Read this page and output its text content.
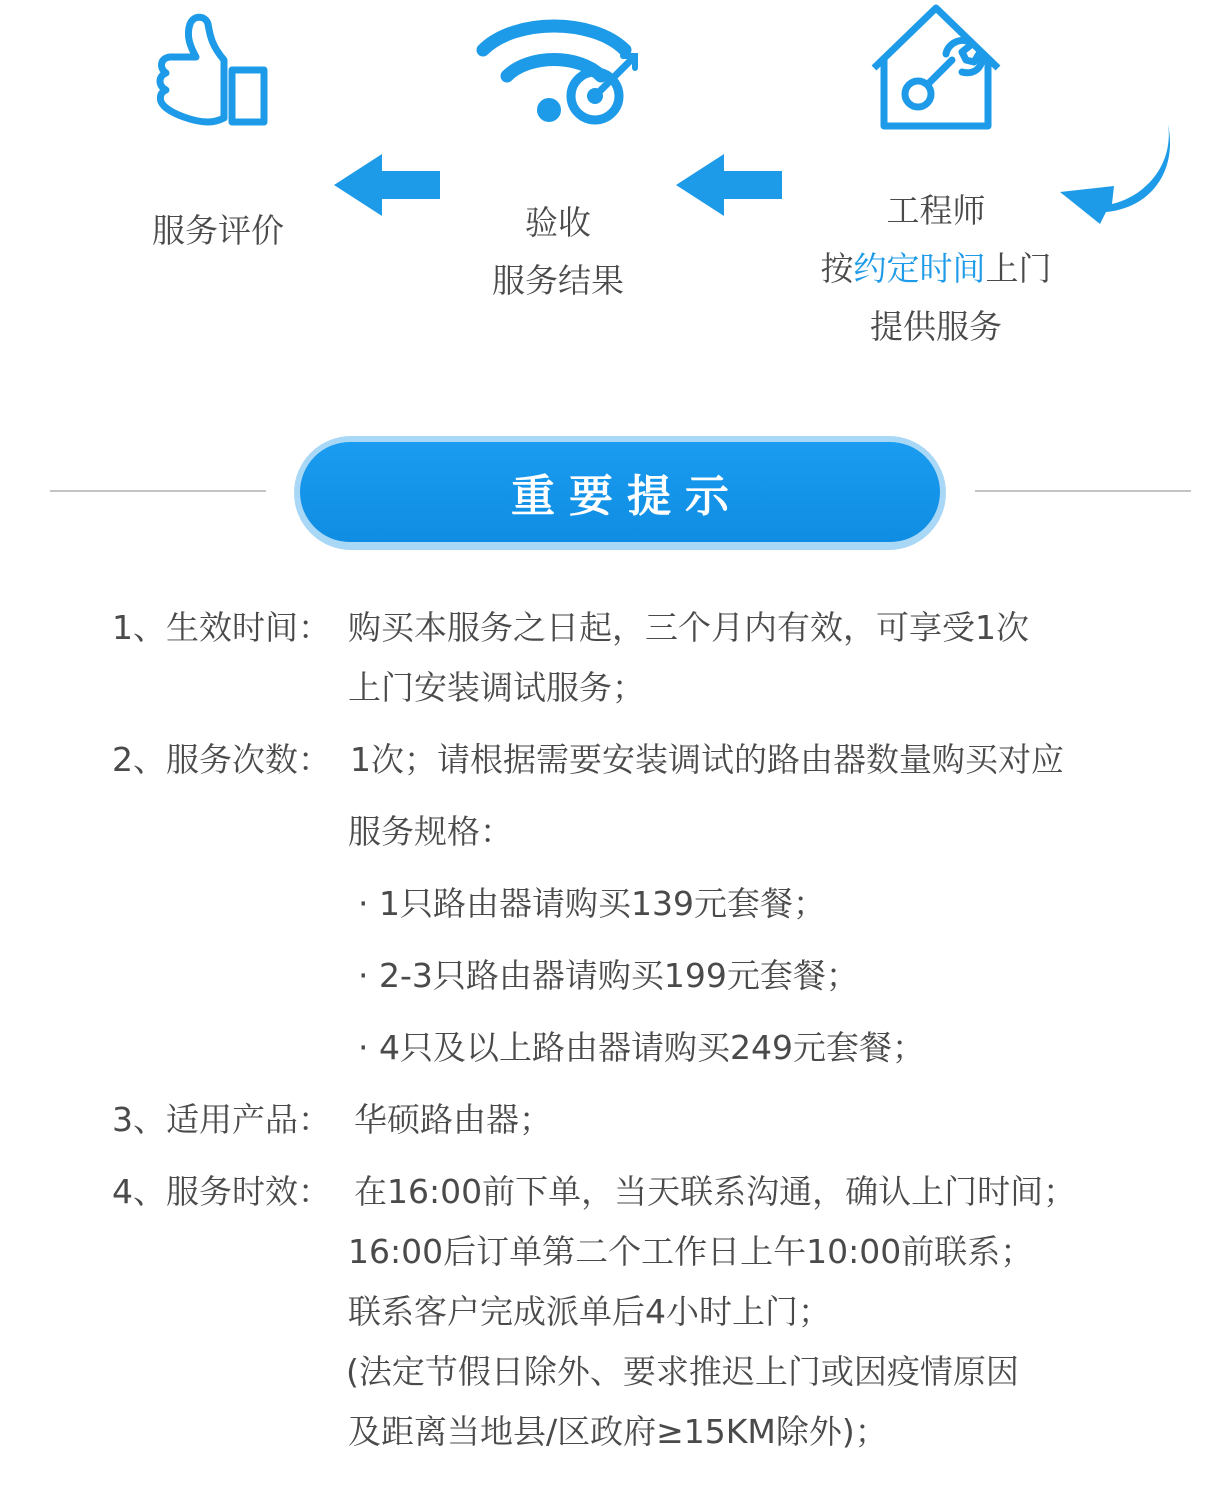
服务评价	验收
服务结果
工程师
按约定时间上门
提供服务
重要提示
1、生效时间： 购买本服务之日起，三个月内有效，可享受1次
上门安装调试服务；
2、服务次数： 1次；请根据需要安装调试的路由器数量购买对应
服务规格：
· 1只路由器请购买139元套餐；
· 2-3只路由器请购买199元套餐；
· 4只及以上路由器请购买249元套餐；
3、适用产品： 华硕路由器；
4、服务时效： 在16:00前下单，当天联系沟通，确认上门时间；
16:00后订单第二个工作日上午10:00前联系；
联系客户完成派单后4小时上门；
(法定节假日除外、要求推迟上门或因疫情原因
及距离当地县/区政府≥15KM除外)；
